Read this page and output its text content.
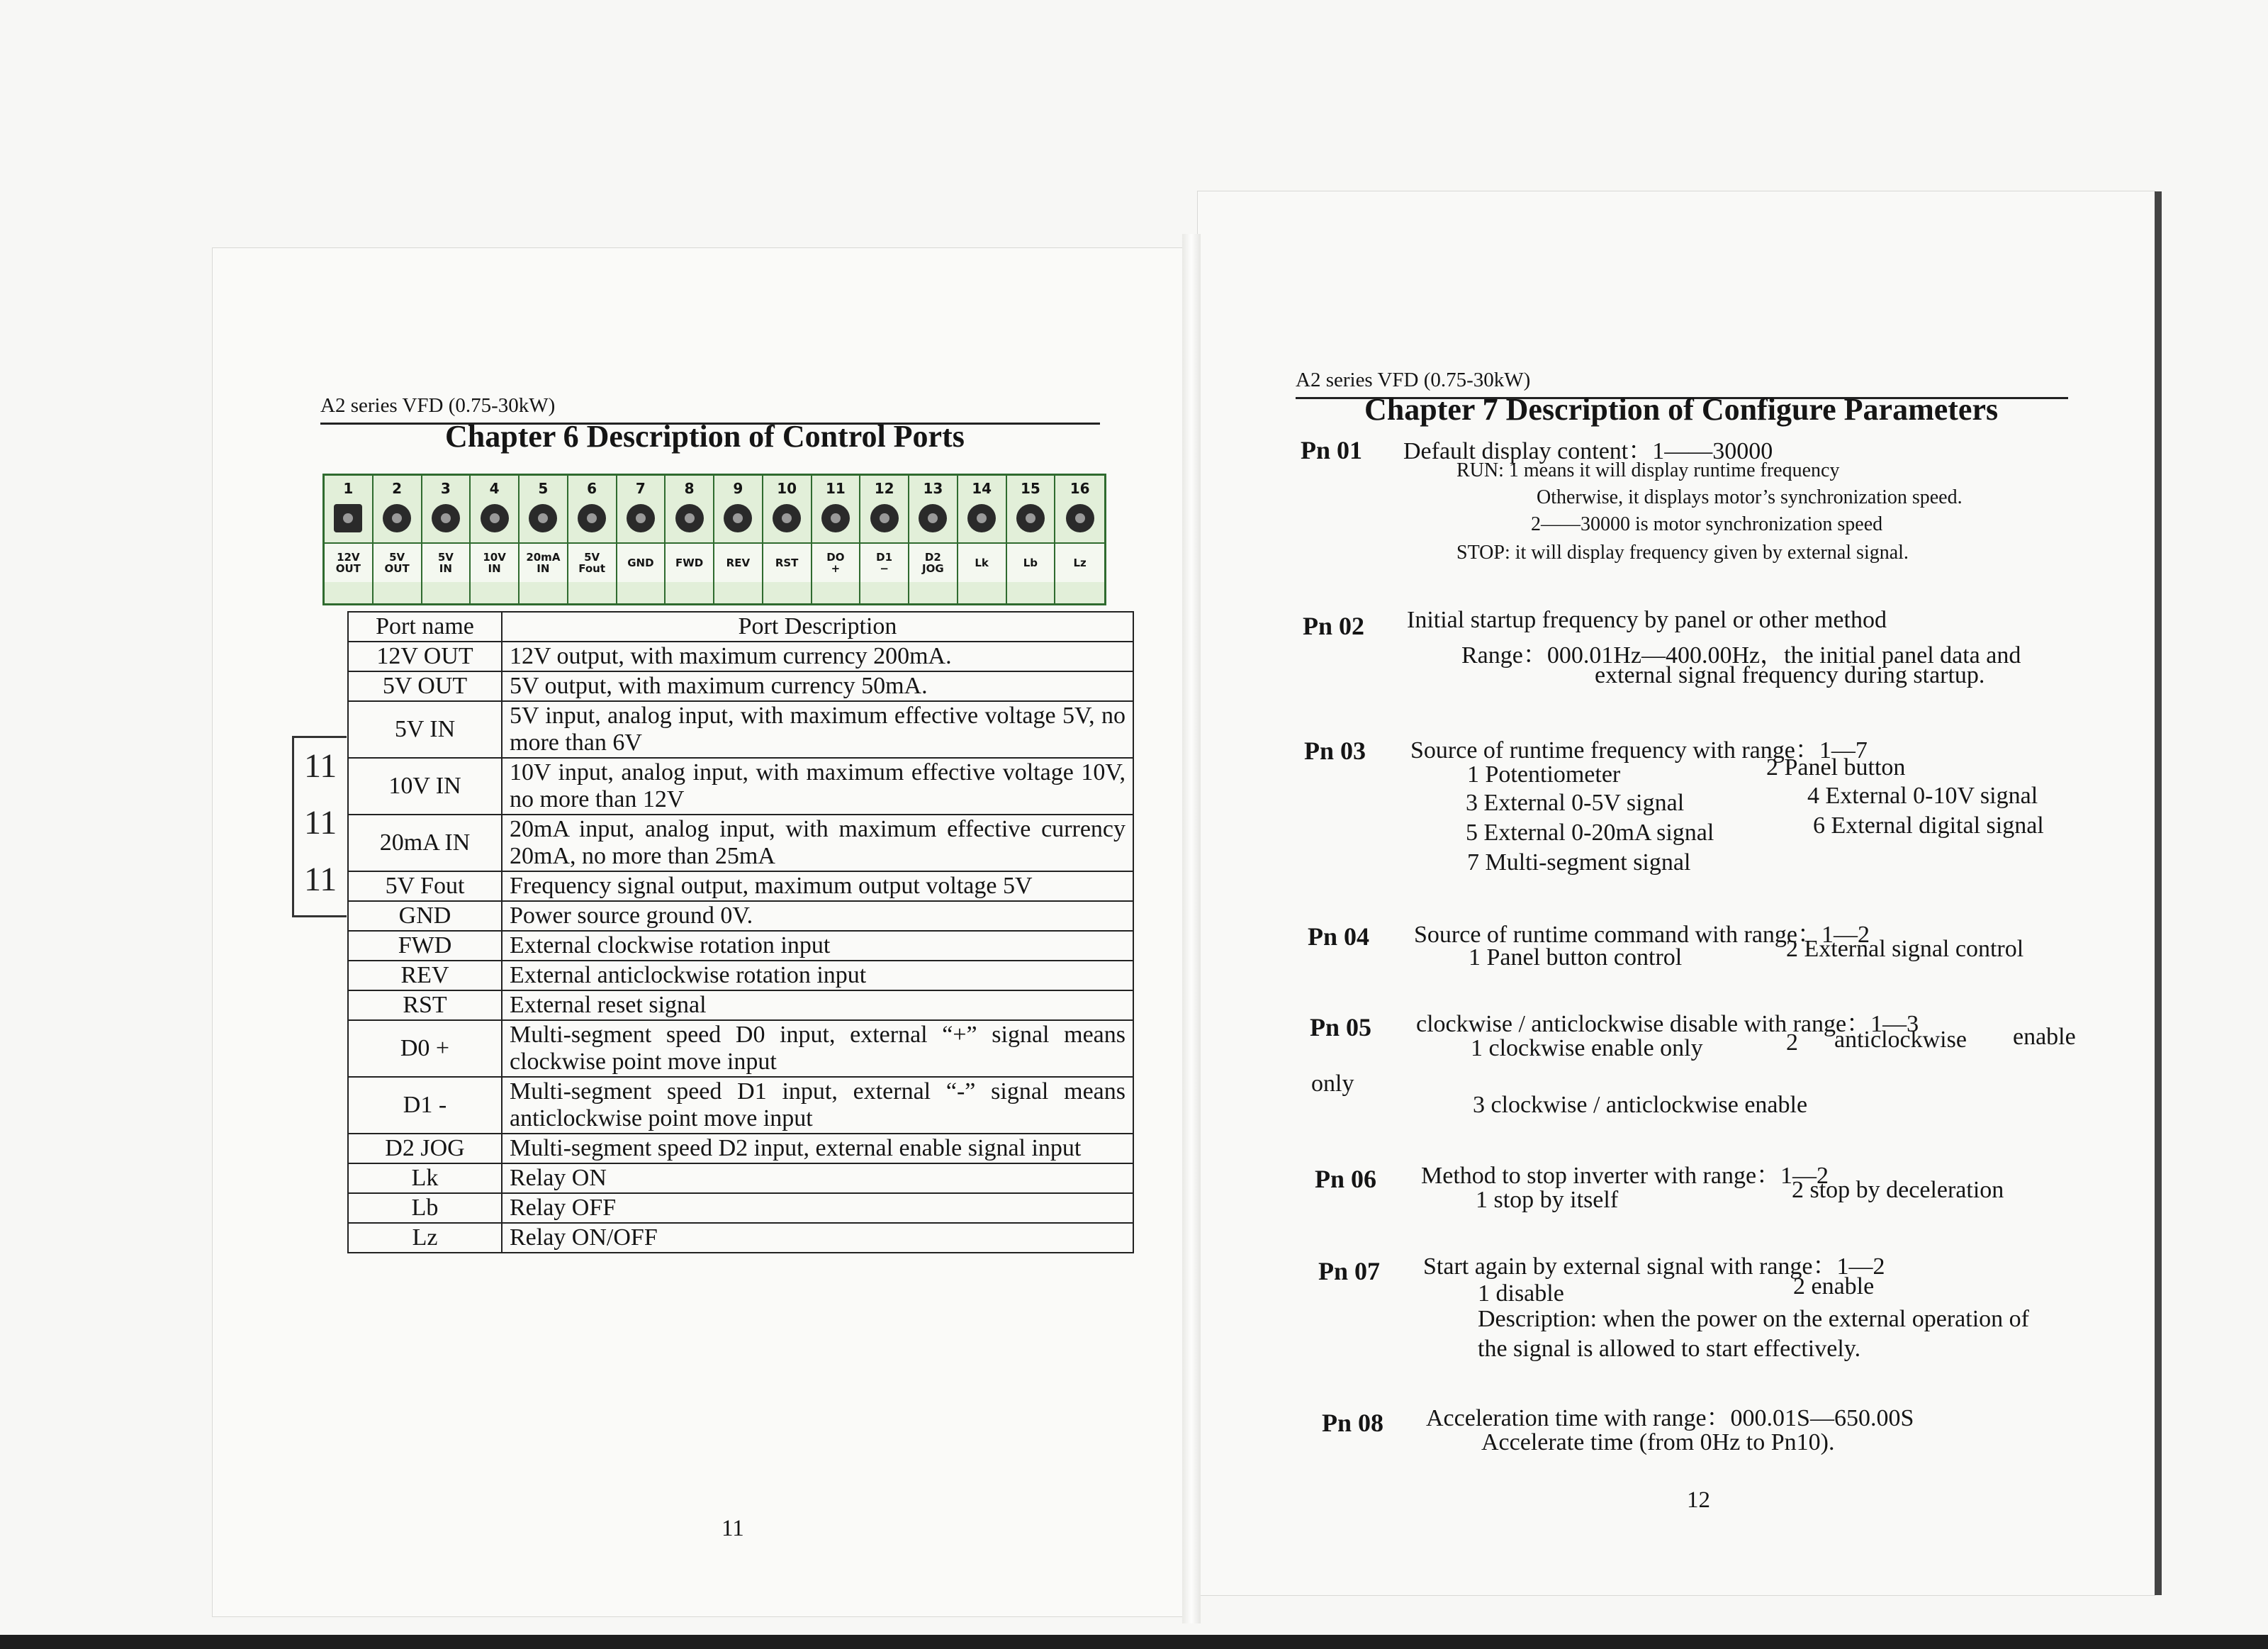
A2 series VFD (0.75-30kW)
Chapter 6 Description of Control Ports
1
12V
OUT
2
5V
OUT
3
5V
IN
4
10V
IN
5
20mA
IN
6
5V
Fout
7
GND
8
FWD
9
REV
10
RST
11
DO
+
12
D1
−
13
D2
JOG
14
Lk
15
Lb
16
Lz
11
11
11
Port name	Port Description
12V OUT	12V output, with maximum currency 200mA.
5V OUT	5V output, with maximum currency 50mA.
5V IN	5V input, analog input, with maximum effective voltage 5V, no more than 6V
10V IN	10V input, analog input, with maximum effective voltage 10V, no more than 12V
20mA IN	20mA input, analog input, with maximum effective currency 20mA, no more than 25mA
5V Fout	Frequency signal output, maximum output voltage 5V
GND	Power source ground 0V.
FWD	External clockwise rotation input
REV	External anticlockwise rotation input
RST	External reset signal
D0 +	Multi-segment speed D0 input, external “+” signal means clockwise point move input
D1 -	Multi-segment speed D1 input, external “-” signal means anticlockwise point move input
D2 JOG	Multi-segment speed D2 input, external enable signal input
Lk	Relay ON
Lb	Relay OFF
Lz	Relay ON/OFF
11
A2 series VFD (0.75-30kW)
Chapter 7 Description of Configure Parameters
Pn 01 Default display content：1——30000
RUN: 1 means it will display runtime frequency
Otherwise, it displays motor’s synchronization speed.
2——30000 is motor synchronization speed
STOP: it will display frequency given by external signal.
Pn 02 Initial startup frequency by panel or other method
Range：000.01Hz—400.00Hz，the initial panel data and
external signal frequency during startup.
Pn 03 Source of runtime frequency with range：1—7
1 Potentiometer	2 Panel button
3 External 0-5V signal	4 External 0-10V signal
5 External 0-20mA signal	6 External digital signal
7 Multi-segment signal
Pn 04 Source of runtime command with range：1—2
1 Panel button control	2 External signal control
Pn 05 clockwise / anticlockwise disable with range：1—3
1 clockwise enable only	2 anticlockwise enable
only
3 clockwise / anticlockwise enable
Pn 06 Method to stop inverter with range：1—2
1 stop by itself	2 stop by deceleration
Pn 07 Start again by external signal with range：1—2
1 disable	2 enable
Description: when the power on the external operation of
the signal is allowed to start effectively.
Pn 08 Acceleration time with range：000.01S—650.00S
Accelerate time (from 0Hz to Pn10).
12
